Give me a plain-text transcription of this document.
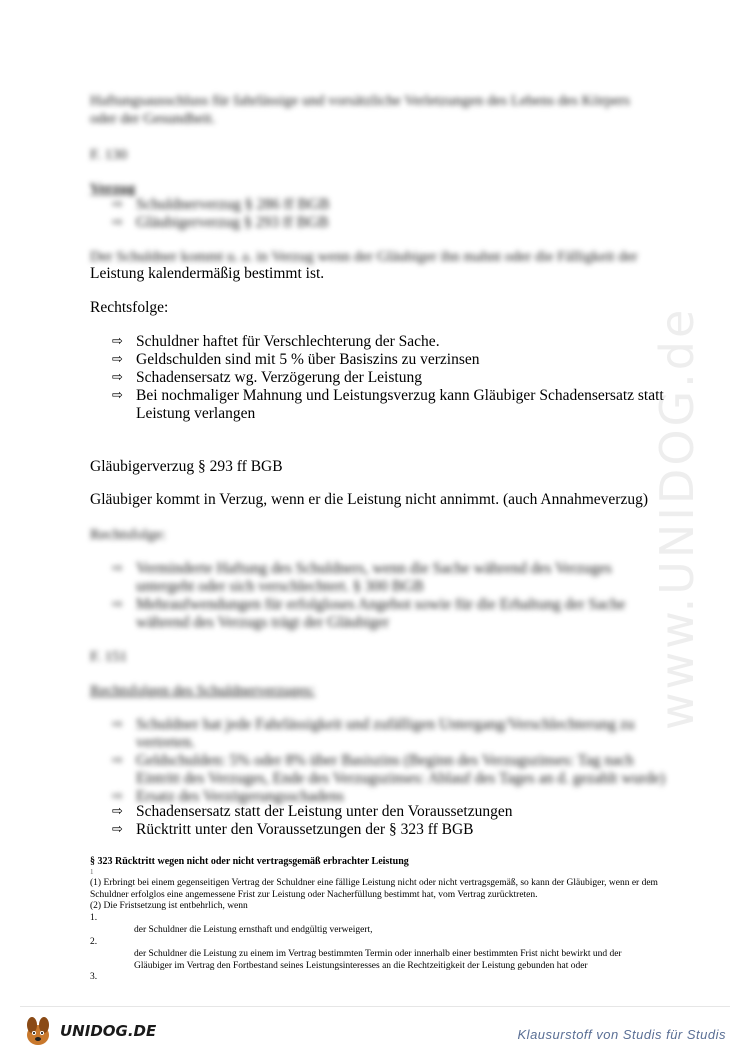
www.UNIDOG.de
Haftungsausschluss für fahrlässige und vorsätzliche Verletzungen des Lebens des Körpers oder der Gesundheit.
F. 130
Verzug
⇨ Schuldnerverzug § 286 ff BGB
⇨ Gläubigerverzug § 293 ff BGB
Der Schuldner kommt u. a. in Verzug wenn der Gläubiger ihn mahnt oder die Fälligkeit der
Leistung kalendermäßig bestimmt ist.
Rechtsfolge:
⇨ Schuldner haftet für Verschlechterung der Sache.
⇨ Geldschulden sind mit 5 % über Basiszins zu verzinsen
⇨ Schadensersatz wg. Verzögerung der Leistung
⇨ Bei nochmaliger Mahnung und Leistungsverzug kann Gläubiger Schadensersatz statt Leistung verlangen
Gläubigerverzug § 293 ff BGB
Gläubiger kommt in Verzug, wenn er die Leistung nicht annimmt. (auch Annahmeverzug)
Rechtsfolge:
⇨ Verminderte Haftung des Schuldners, wenn die Sache während des Verzuges untergeht oder sich verschlechtert. § 300 BGB
⇨ Mehraufwendungen für erfolgloses Angebot sowie für die Erhaltung der Sache während des Verzugs trägt der Gläubiger
F. 151
Rechtsfolgen des Schuldnerverzuges:
⇨ Schuldner hat jede Fahrlässigkeit und zufälligen Untergang/Verschlechterung zu vertreten.
⇨ Geldschulden: 5% oder 8% über Basiszins (Beginn des Verzugszinses: Tag nach Eintritt des Verzuges, Ende des Verzugszinses: Ablauf des Tages an d. gezahlt wurde)
⇨ Ersatz des Verzögerungsschadens
⇨ Schadensersatz statt der Leistung unter den Voraussetzungen
⇨ Rücktritt unter den Voraussetzungen der § 323 ff BGB
§ 323 Rücktritt wegen nicht oder nicht vertragsgemäß erbrachter Leistung
1
(1) Erbringt bei einem gegenseitigen Vertrag der Schuldner eine fällige Leistung nicht oder nicht vertragsgemäß, so kann der Gläubiger, wenn er dem Schuldner erfolglos eine angemessene Frist zur Leistung oder Nacherfüllung bestimmt hat, vom Vertrag zurücktreten.
(2) Die Fristsetzung ist entbehrlich, wenn
1.
der Schuldner die Leistung ernsthaft und endgültig verweigert,
2.
der Schuldner die Leistung zu einem im Vertrag bestimmten Termin oder innerhalb einer bestimmten Frist nicht bewirkt und der Gläubiger im Vertrag den Fortbestand seines Leistungsinteresses an die Rechtzeitigkeit der Leistung gebunden hat oder
3.
UNIDOG.DE	Klausurstoff von Studis für Studis
